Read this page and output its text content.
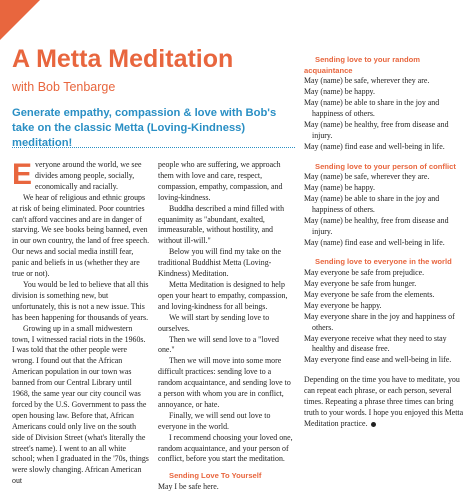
A Metta Meditation
with Bob Tenbarge
Generate empathy, compassion & love with Bob's take on the classic Metta (Loving-Kindness) meditation!

Everyone around the world, we see divides among people, socially, economically and racially.

We hear of religious and ethnic groups at risk of being eliminated. Poor countries can't afford vaccines and are in danger of starving. We see books being banned, even in our own country, the land of free speech. Our news and social media instill fear, panic and beliefs in us (whether they are true or not).

You would be led to believe that all this division is something new, but unfortunately, this is not a new issue. This has been happening for thousands of years.

Growing up in a small midwestern town, I witnessed racial riots in the 1960s. I was told that the other people were wrong. I found out that the African American population in our town was banned from our Central Library until 1968, the same year our city council was forced by the U.S. Government to pass the open housing law. Before that, African Americans could only live on the south side of Division Street (what's literally the street's name). I went to an all white school; when I graduated in the '70s, things were slowly changing. African American out

people who are suffering, we approach them with love and care, respect, compassion, empathy, compassion, and loving-kindness.

Buddha described a mind filled with equanimity as "abundant, exalted, immeasurable, without hostility, and without ill-will."

Below you will find my take on the traditional Buddhist Metta (Loving-Kindness) Meditation.

Metta Meditation is designed to help open your heart to empathy, compassion, and loving-kindness for all beings.

We will start by sending love to ourselves.

Then we will send love to a "loved one."

Then we will move into some more difficult practices: sending love to a random acquaintance, and sending love to a person with whom you are in conflict, annoyance, or hate.

Finally, we will send out love to everyone in the world.

I recommend choosing your loved one, random acquaintance, and your person of conflict, before you start the meditation.

Sending Love To Yourself

May I be safe here.

Sending love to your random acquaintance

May (name) be safe, wherever they are.

May (name) be happy.

May (name) be able to share in the joy and happiness of others.

May (name) be healthy, free from disease and injury.

May (name) find ease and well-being in life.

Sending love to your person of conflict

May (name) be safe, wherever they are.

May (name) be happy.

May (name) be able to share in the joy and happiness of others.

May (name) be healthy, free from disease and injury.

May (name) find ease and well-being in life.

Sending love to everyone in the world

May everyone be safe from prejudice.

May everyone be safe from hunger.

May everyone be safe from the elements.

May everyone be happy.

May everyone share in the joy and happiness of others.

May everyone receive what they need to stay healthy and disease free.

May everyone find ease and well-being in life.

Depending on the time you have to meditate, you can repeat each phrase, or each person, several times. Repeating a phrase three times can bring truth to your words. I hope you enjoyed this Metta Meditation practice.
